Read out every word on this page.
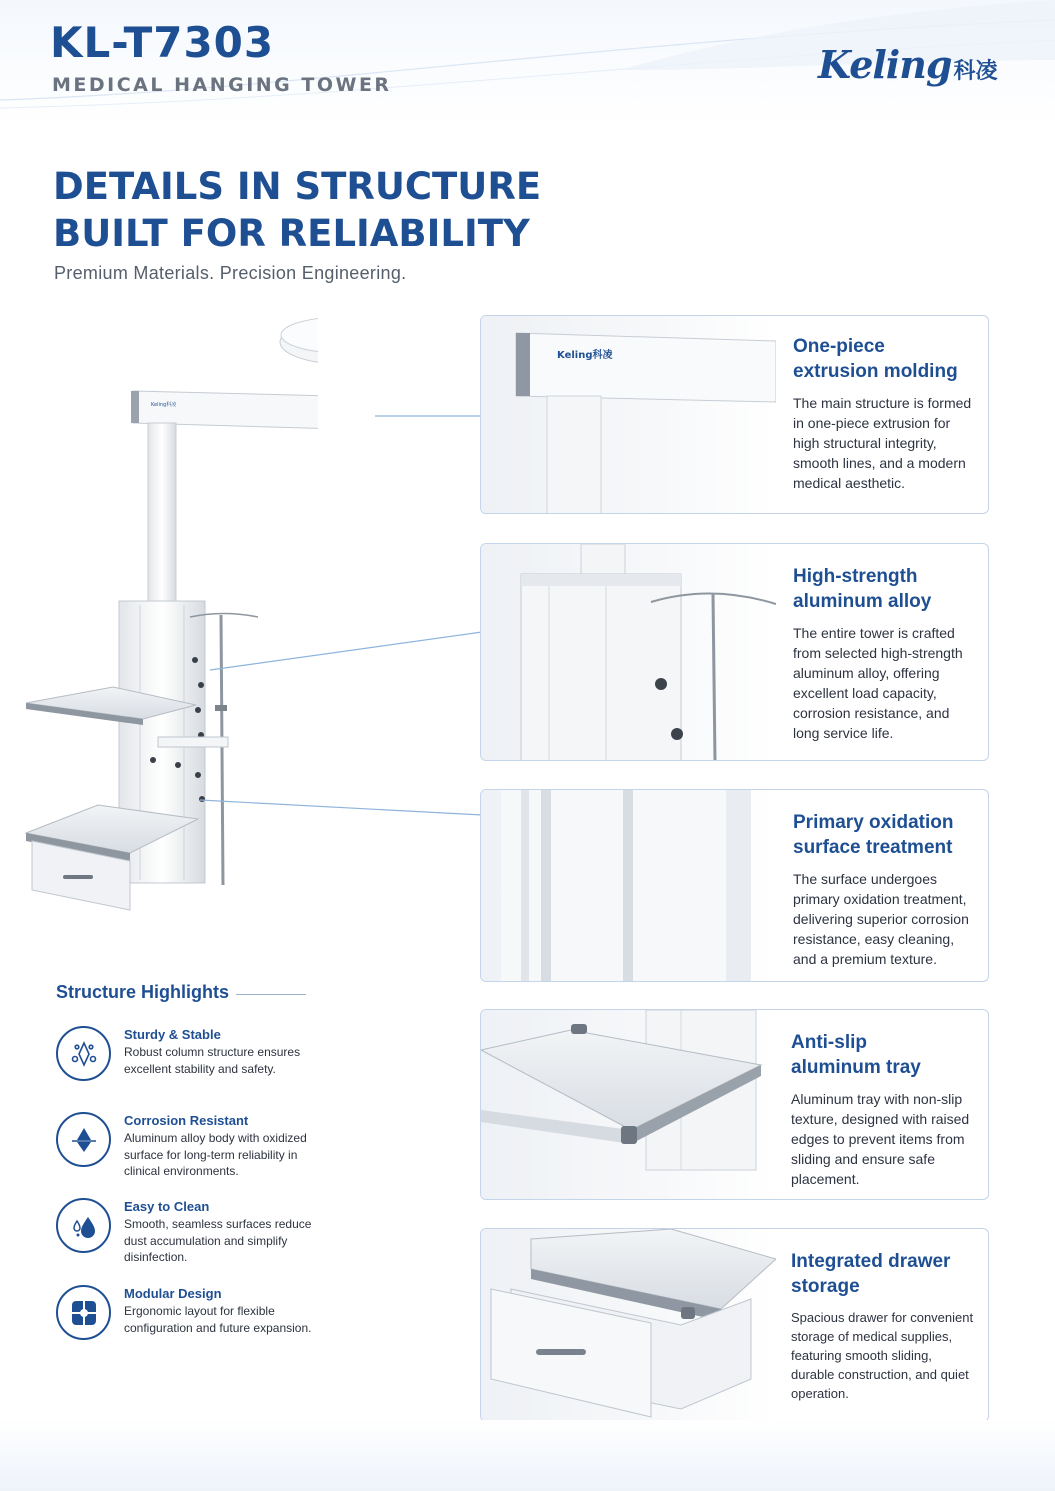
KL-T7303
MEDICAL HANGING TOWER	Keling 科凌
DETAILS IN STRUCTURE
BUILT FOR RELIABILITY
Premium Materials. Precision Engineering.
Keling科凌
Keling科凌	One-piece
extrusion molding

The main structure is formed in one-piece extrusion for high structural integrity, smooth lines, and a modern medical aesthetic.

High-strength
aluminum alloy

The entire tower is crafted from selected high-strength aluminum alloy, offering excellent load capacity, corrosion resistance, and long service life.

Primary oxidation
surface treatment

The surface undergoes primary oxidation treatment, delivering superior corrosion resistance, easy cleaning, and a premium texture.

Anti-slip
aluminum tray

Aluminum tray with non-slip texture, designed with raised edges to prevent items from sliding and ensure safe placement.

Integrated drawer
storage

Spacious drawer for convenient storage of medical supplies, featuring smooth sliding, durable construction, and quiet operation.

Structure Highlights
Sturdy & Stable

Robust column structure ensures excellent stability and safety.

Corrosion Resistant

Aluminum alloy body with oxidized surface for long-term reliability in clinical environments.

Easy to Clean

Smooth, seamless surfaces reduce dust accumulation and simplify disinfection.

Modular Design

Ergonomic layout for flexible configuration and future expansion.
